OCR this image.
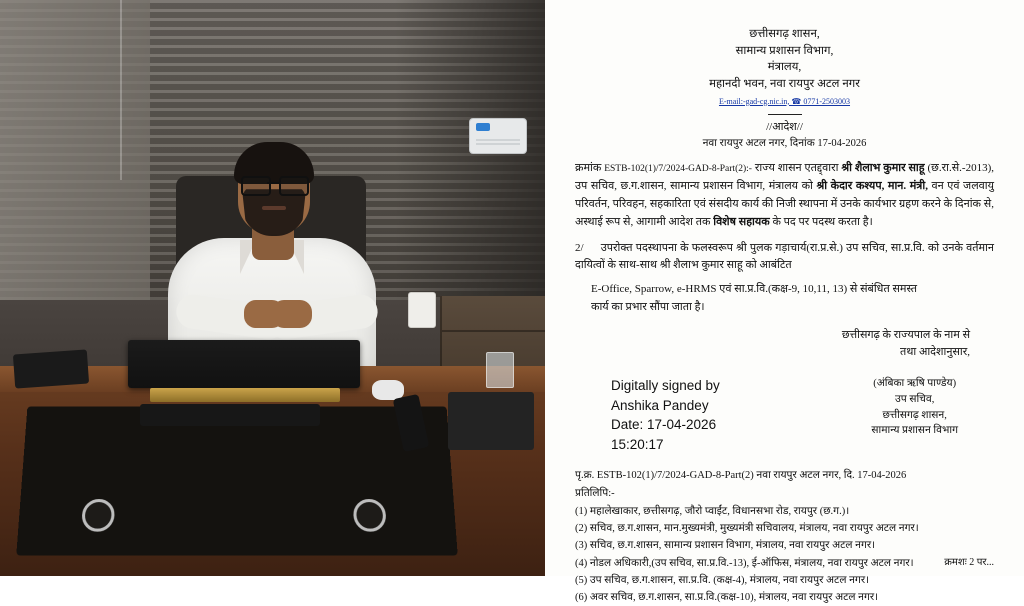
छत्तीसगढ़ शासन,
सामान्य प्रशासन विभाग,
मंत्रालय,
महानदी भवन, नवा रायपुर अटल नगर
E-mail:-gad-cg.nic.in, ☎ 0771-2503003
//आदेश//
नवा रायपुर अटल नगर, दिनांक 17-04-2026

क्रमांक ESTB-102(1)/7/2024-GAD-8-Part(2):- राज्य शासन एतद्द्वारा श्री शैलाभ कुमार साहू (छ.रा.से.-2013), उप सचिव, छ.ग.शासन, सामान्य प्रशासन विभाग, मंत्रालय को श्री केदार कश्यप, मान. मंत्री, वन एवं जलवायु परिवर्तन, परिवहन, सहकारिता एवं संसदीय कार्य की निजी स्थापना में उनके कार्यभार ग्रहण करने के दिनांक से, अस्थाई रूप से, आगामी आदेश तक विशेष सहायक के पद पर पदस्थ करता है।

2/ उपरोक्त पदस्थापना के फलस्वरूप श्री पुलक गड़ाचार्य(रा.प्र.से.) उप सचिव, सा.प्र.वि. को उनके वर्तमान दायित्वों के साथ-साथ श्री शैलाभ कुमार साहू को आबंटित

E-Office, Sparrow, e-HRMS एवं सा.प्र.वि.(कक्ष-9, 10,11, 13) से संबंधित समस्त
कार्य का प्रभार सौंपा जाता है।
छत्तीसगढ़ के राज्यपाल के नाम से
तथा आदेशानुसार,
Digitally signed by
Anshika Pandey
Date: 17-04-2026
15:20:17
(अंबिका ऋषि पाण्डेय)
उप सचिव,
छत्तीसगढ़ शासन,
सामान्य प्रशासन विभाग
पृ.क्र. ESTB-102(1)/7/2024-GAD-8-Part(2) नवा रायपुर अटल नगर, दि. 17-04-2026
प्रतिलिपि:-
(1) महालेखाकार, छत्तीसगढ़, जौरो प्वाईंट, विधानसभा रोड, रायपुर (छ.ग.)।
(2) सचिव, छ.ग.शासन, मान.मुख्यमंत्री, मुख्यमंत्री सचिवालय, मंत्रालय, नवा रायपुर अटल नगर।
(3) सचिव, छ.ग.शासन, सामान्य प्रशासन विभाग, मंत्रालय, नवा रायपुर अटल नगर।
(4) नोडल अधिकारी,(उप सचिव, सा.प्र.वि.-13), ई-ऑफिस, मंत्रालय, नवा रायपुर अटल नगर।
(5) उप सचिव, छ.ग.शासन, सा.प्र.वि. (कक्ष-4), मंत्रालय, नवा रायपुर अटल नगर।
(6) अवर सचिव, छ.ग.शासन, सा.प्र.वि.(कक्ष-10), मंत्रालय, नवा रायपुर अटल नगर।
क्रमशः 2 पर...
